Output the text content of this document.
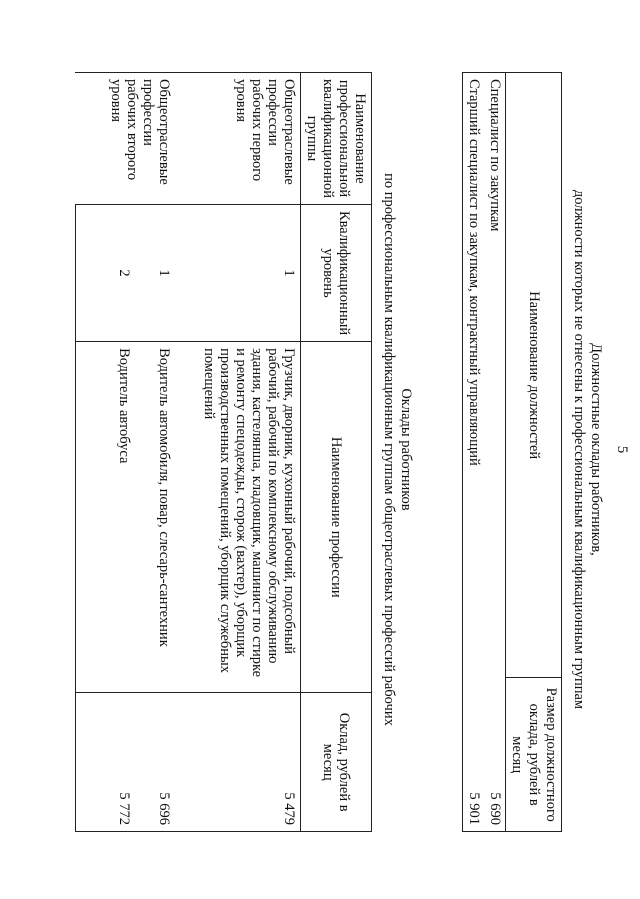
5
Должностные оклады работников,
должности которых не отнесены к профессиональным квалификационным группам
Наименование должностей	Размер должностного оклада, рублей в месяц
Специалист по закупкам	5 690
Старший специалист по закупкам, контрактный управляющий	5 901
Оклады работников
по профессиональным квалификационным группам общеотраслевых профессий рабочих
Наименование профессиональной квалификационной группы	Квалификационный уровень	Наименование профессии	Оклад, рублей в месяц
Общеотраслевые профессии рабочих первого уровня	1	Грузчик, дворник, кухонный рабочий, подсобный рабочий, рабочий по комплексному обслуживанию здания, кастелянша, кладовщик, машинист по стирке и ремонту спецодежды, сторож (вахтер), уборщик производственных помещений, уборщик служебных помещений	5 479
Общеотраслевые профессии рабочих второго уровня	1	Водитель автомобиля, повар, слесарь-сантехник	5 696
	2	Водитель автобуса	5 772
